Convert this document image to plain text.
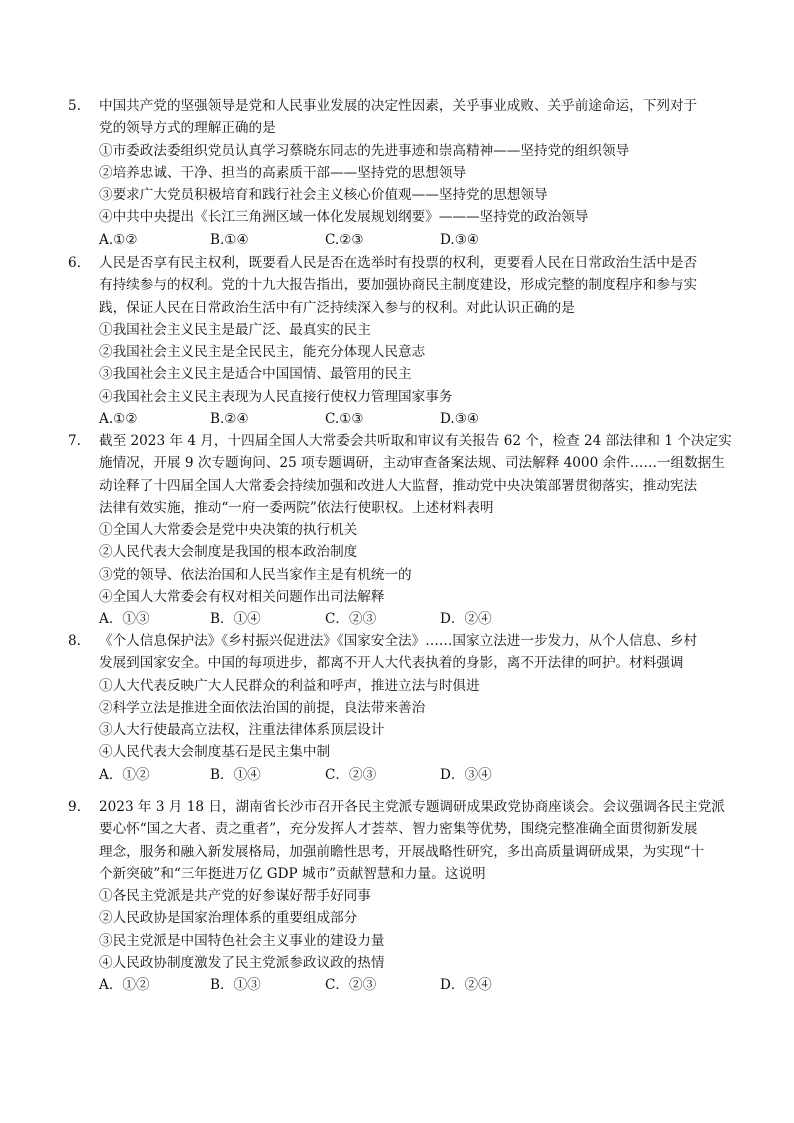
5.	中国共产党的坚强领导是党和人民事业发展的决定性因素，关乎事业成败、关乎前途命运，下列对于
党的领导方式的理解正确的是
①市委政法委组织党员认真学习蔡晓东同志的先进事迹和崇高精神——坚持党的组织领导
②培养忠诚、干净、担当的高素质干部——坚持党的思想领导
③要求广大党员积极培育和践行社会主义核心价值观——坚持党的思想领导
④中共中央提出《长江三角洲区域一体化发展规划纲要》———坚持党的政治领导
A.①②	B.①④	C.②③	D.③④
6.	人民是否享有民主权利，既要看人民是否在选举时有投票的权利，更要看人民在日常政治生活中是否
有持续参与的权利。党的十九大报告指出，要加强协商民主制度建设，形成完整的制度程序和参与实
践，保证人民在日常政治生活中有广泛持续深入参与的权利。对此认识正确的是
①我国社会主义民主是最广泛、最真实的民主
②我国社会主义民主是全民民主，能充分体现人民意志
③我国社会主义民主是适合中国国情、最管用的民主
④我国社会主义民主表现为人民直接行使权力管理国家事务
A.①②	B.②④	C.①③	D.③④
7.	截至 2023 年 4 月，十四届全国人大常委会共听取和审议有关报告 62 个，检查 24 部法律和 1 个决定实
施情况，开展 9 次专题询问、25 项专题调研，主动审查备案法规、司法解释 4000 余件……一组数据生
动诠释了十四届全国人大常委会持续加强和改进人大监督，推动党中央决策部署贯彻落实，推动宪法
法律有效实施，推动“一府一委两院”依法行使职权。上述材料表明
①全国人大常委会是党中央决策的执行机关
②人民代表大会制度是我国的根本政治制度
③党的领导、依法治国和人民当家作主是有机统一的
④全国人大常委会有权对相关问题作出司法解释
A．①③	B．①④	C．②③	D．②④
8.	《个人信息保护法》《乡村振兴促进法》《国家安全法》……国家立法进一步发力，从个人信息、乡村
发展到国家安全。中国的每项进步，都离不开人大代表执着的身影，离不开法律的呵护。材料强调
①人大代表反映广大人民群众的利益和呼声，推进立法与时俱进
②科学立法是推进全面依法治国的前提，良法带来善治
③人大行使最高立法权，注重法律体系顶层设计
④人民代表大会制度基石是民主集中制
A．①②	B．①④	C．②③	D．③④
9.	2023 年 3 月 18 日，湖南省长沙市召开各民主党派专题调研成果政党协商座谈会。会议强调各民主党派
要心怀“国之大者、责之重者”，充分发挥人才荟萃、智力密集等优势，围绕完整准确全面贯彻新发展
理念，服务和融入新发展格局，加强前瞻性思考，开展战略性研究，多出高质量调研成果，为实现“十
个新突破”和“三年挺进万亿 GDP 城市”贡献智慧和力量。这说明
①各民主党派是共产党的好参谋好帮手好同事
②人民政协是国家治理体系的重要组成部分
③民主党派是中国特色社会主义事业的建设力量
④人民政协制度激发了民主党派参政议政的热情
A．①②	B．①③	C．②③	D．②④
